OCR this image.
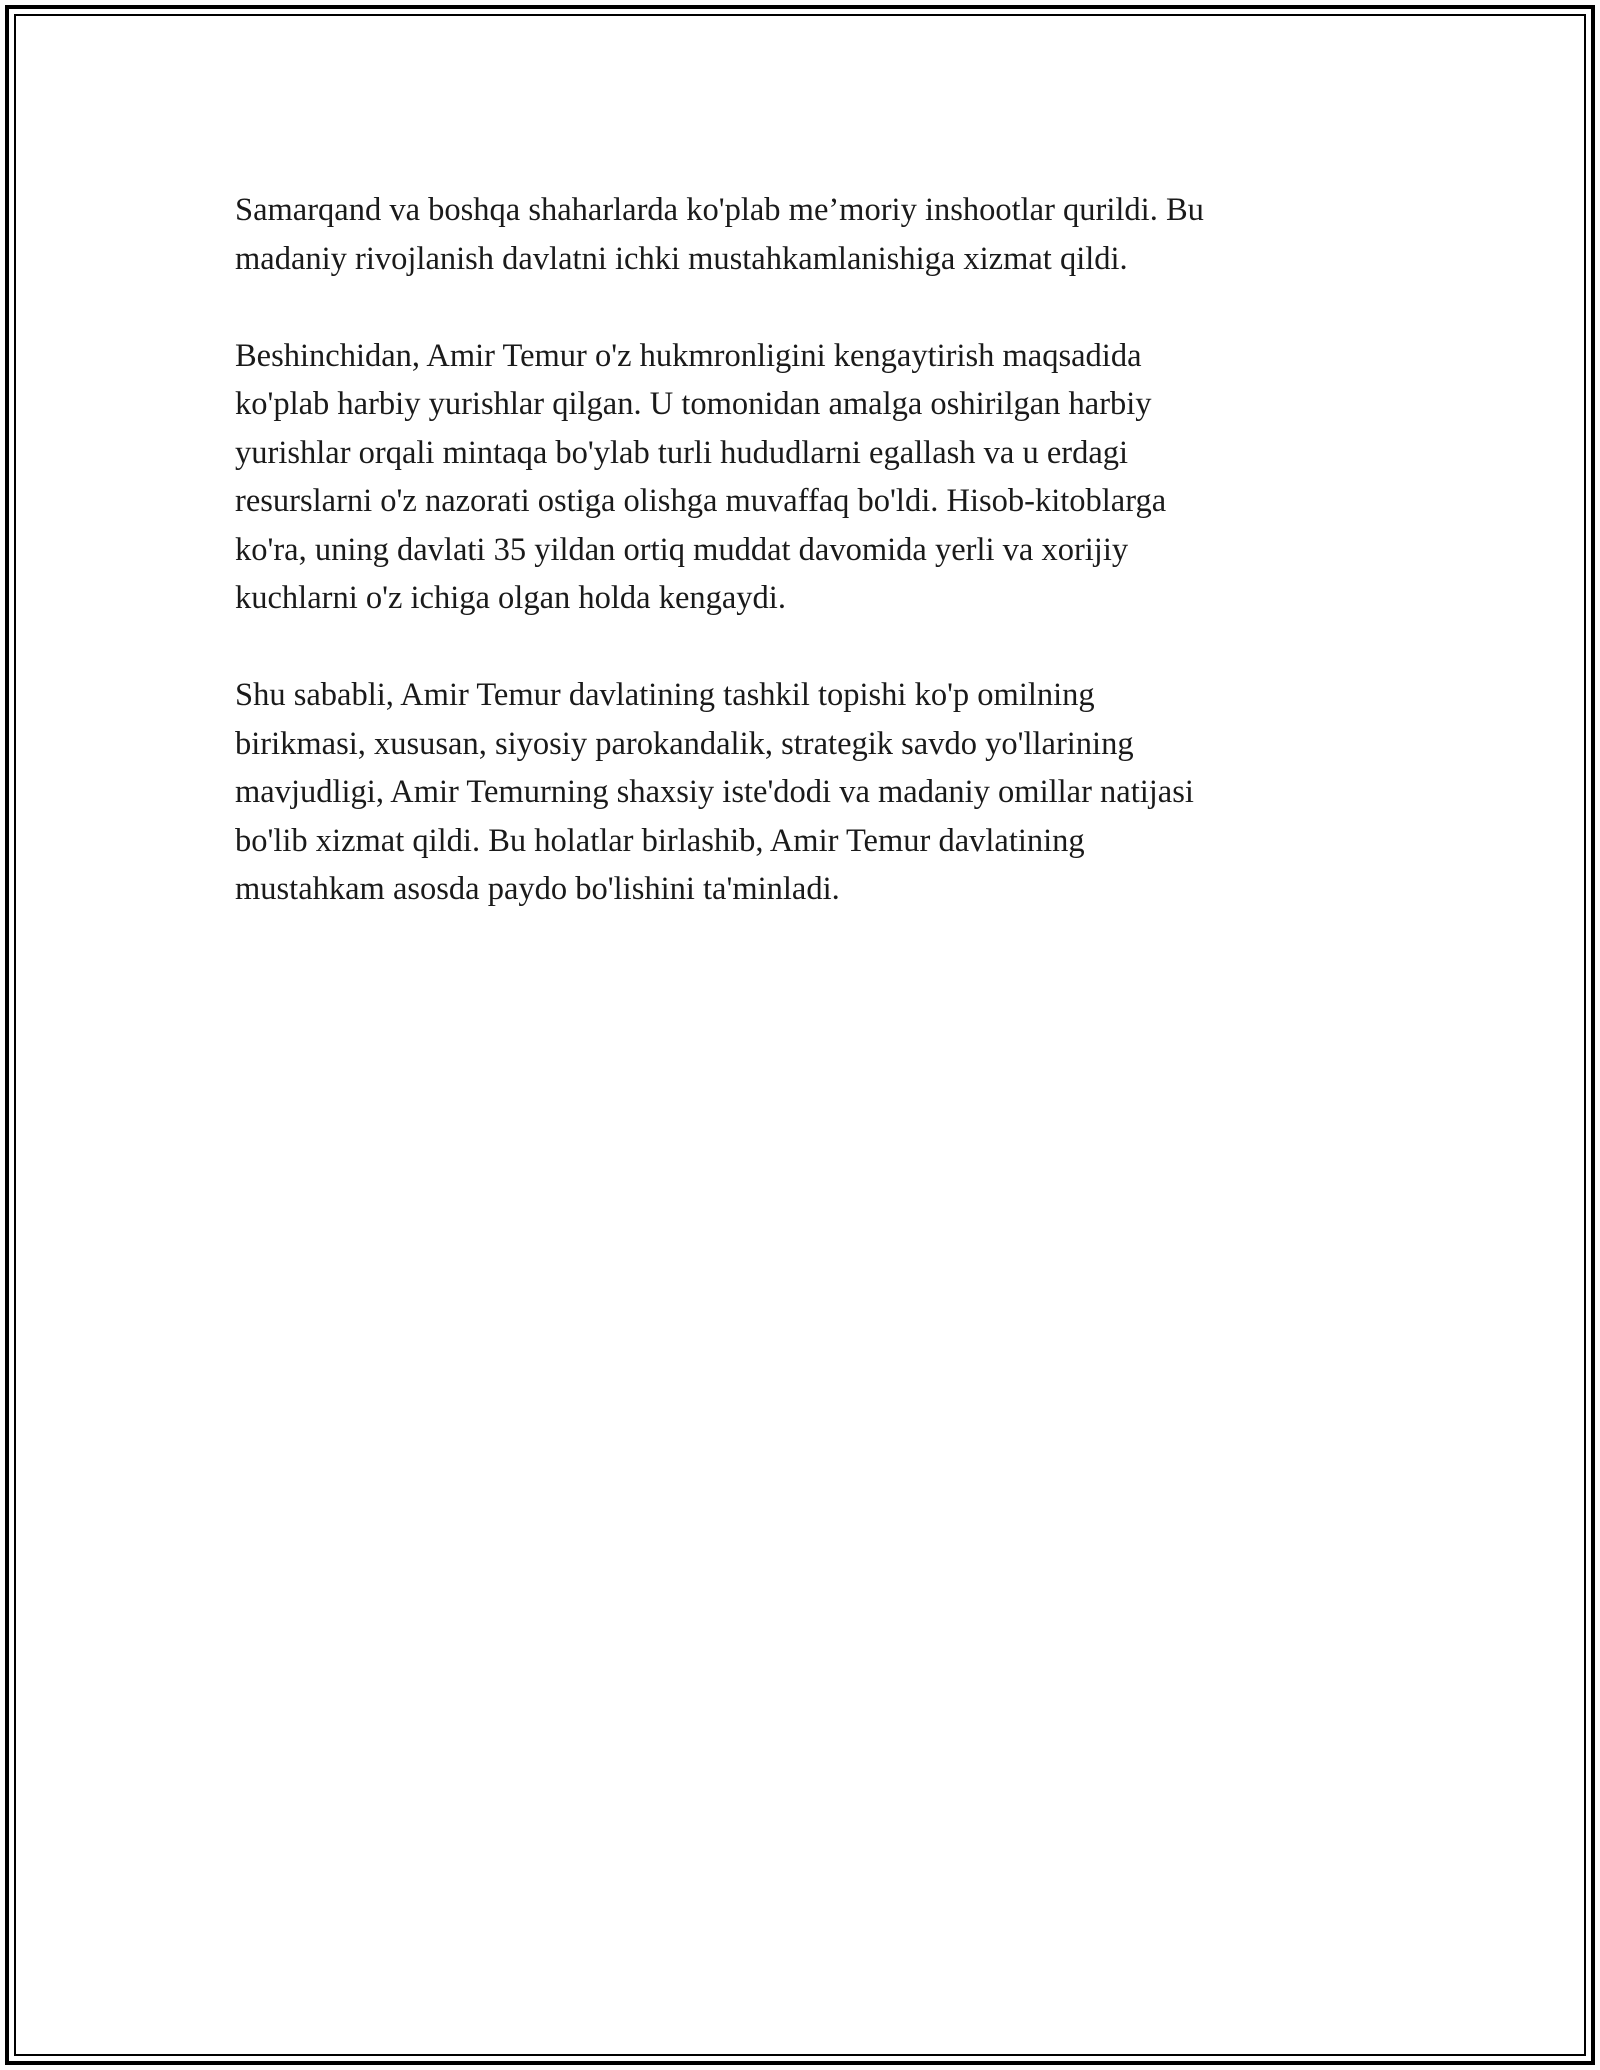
Samarqand va boshqa shaharlarda ko'plab me’moriy inshootlar qurildi. Bu
madaniy rivojlanish davlatni ichki mustahkamlanishiga xizmat qildi.

Beshinchidan, Amir Temur o'z hukmronligini kengaytirish maqsadida
ko'plab harbiy yurishlar qilgan. U tomonidan amalga oshirilgan harbiy
yurishlar orqali mintaqa bo'ylab turli hududlarni egallash va u erdagi
resurslarni o'z nazorati ostiga olishga muvaffaq bo'ldi. Hisob-kitoblarga
ko'ra, uning davlati 35 yildan ortiq muddat davomida yerli va xorijiy
kuchlarni o'z ichiga olgan holda kengaydi.

Shu sababli, Amir Temur davlatining tashkil topishi ko'p omilning
birikmasi, xususan, siyosiy parokandalik, strategik savdo yo'llarining
mavjudligi, Amir Temurning shaxsiy iste'dodi va madaniy omillar natijasi
bo'lib xizmat qildi. Bu holatlar birlashib, Amir Temur davlatining
mustahkam asosda paydo bo'lishini ta'minladi.
